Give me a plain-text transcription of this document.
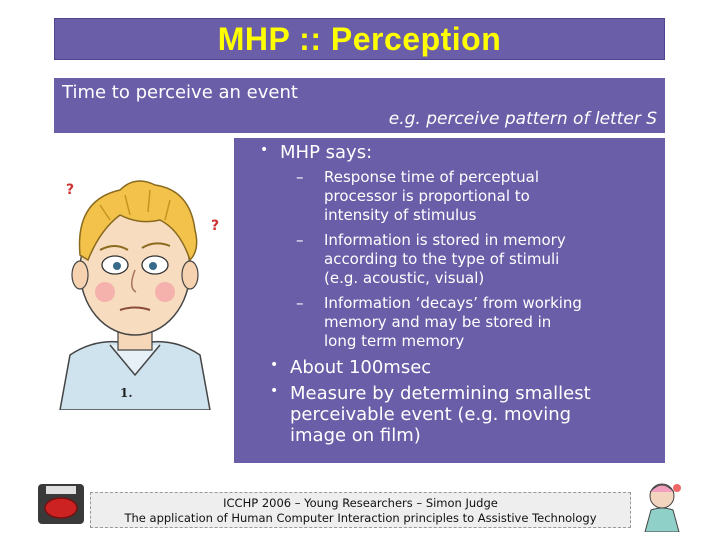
MHP :: Perception
Time to perceive an event
e.g. perceive pattern of letter S
?
?
1.
• MHP says:
–	Response time of perceptual
processor is proportional to
intensity of stimulus
–	Information is stored in memory
according to the type of stimuli
(e.g. acoustic, visual)
–	Information ‘decays’ from working
memory and may be stored in
long term memory
• About 100msec
• Measure by determining smallest
perceivable event (e.g. moving
image on film)
ICCHP 2006 – Young Researchers – Simon Judge
The application of Human Computer Interaction principles to Assistive Technology
